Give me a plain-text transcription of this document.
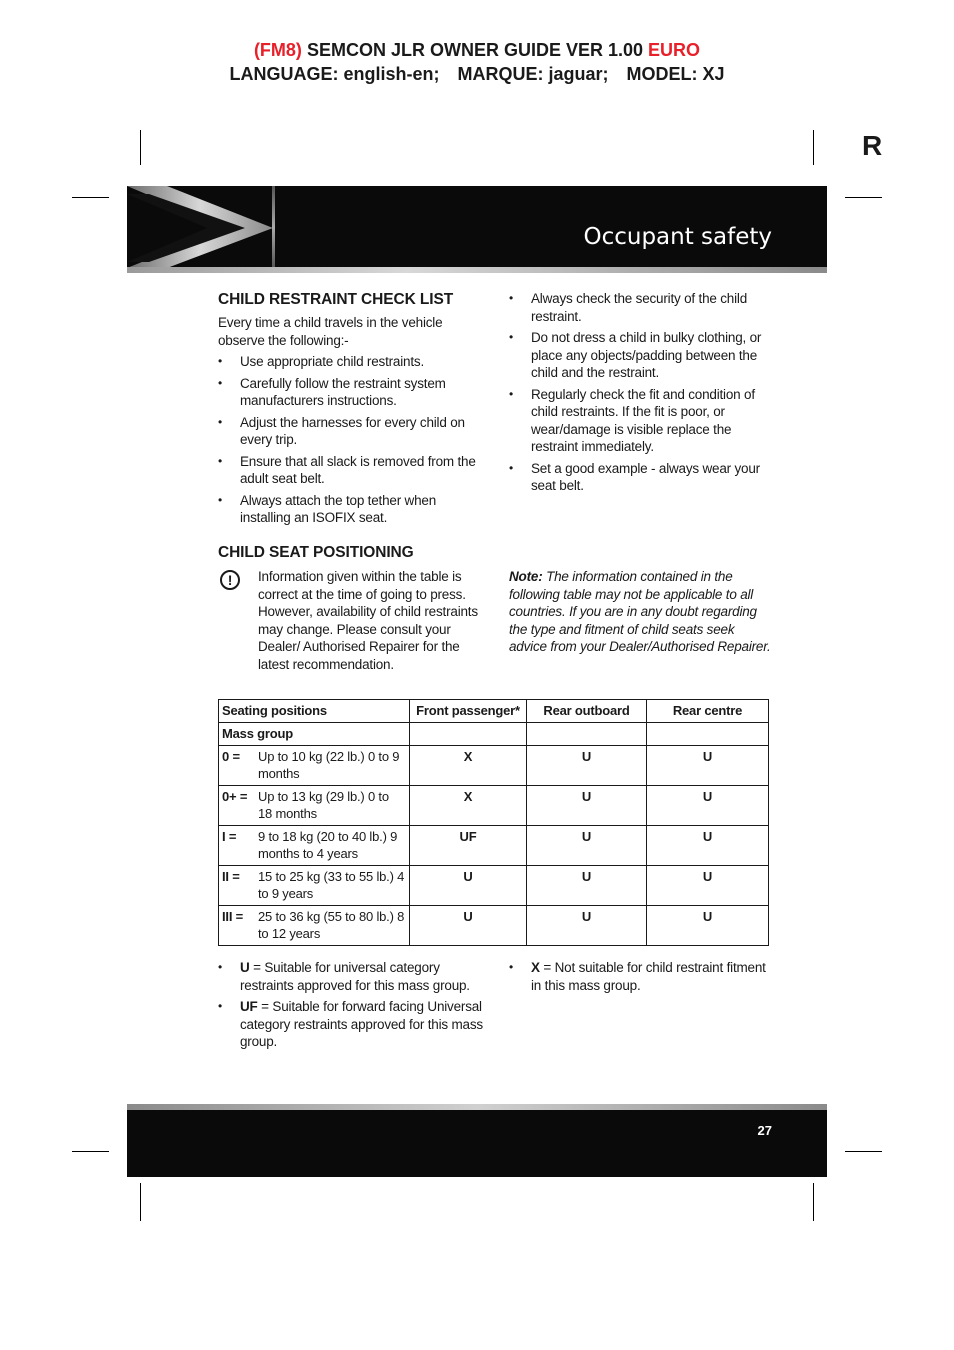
(FM8) SEMCON JLR OWNER GUIDE VER 1.00 EURO
LANGUAGE: english-en; MARQUE: jaguar; MODEL: XJ
R
Occupant safety
CHILD RESTRAINT CHECK LIST
Every time a child travels in the vehicle observe the following:-
• Use appropriate child restraints.
• Carefully follow the restraint system manufacturers instructions.
• Adjust the harnesses for every child on every trip.
• Ensure that all slack is removed from the adult seat belt.
• Always attach the top tether when installing an ISOFIX seat.
• Always check the security of the child restraint.
• Do not dress a child in bulky clothing, or place any objects/padding between the child and the restraint.
• Regularly check the fit and condition of child restraints. If the fit is poor, or wear/damage is visible replace the restraint immediately.
• Set a good example - always wear your seat belt.
CHILD SEAT POSITIONING
!	Information given within the table is correct at the time of going to press. However, availability of child restraints may change. Please consult your Dealer/ Authorised Repairer for the latest recommendation.
Note: The information contained in the following table may not be applicable to all countries. If you are in any doubt regarding the type and fitment of child seats seek advice from your Dealer/Authorised Repairer.
Seating positions	Front passenger*	Rear outboard	Rear centre
Mass group			

0 = Up to 10 kg (22 lb.) 0 to 9 months	X	U	U

0+ = Up to 13 kg (29 lb.) 0 to 18 months	X	U	U

I = 9 to 18 kg (20 to 40 lb.) 9 months to 4 years	UF	U	U

II = 15 to 25 kg (33 to 55 lb.) 4 to 9 years	U	U	U

III = 25 to 36 kg (55 to 80 lb.) 8 to 12 years	U	U	U
• U = Suitable for universal category restraints approved for this mass group.
• UF = Suitable for forward facing Universal category restraints approved for this mass group.
• X = Not suitable for child restraint fitment in this mass group.
27
